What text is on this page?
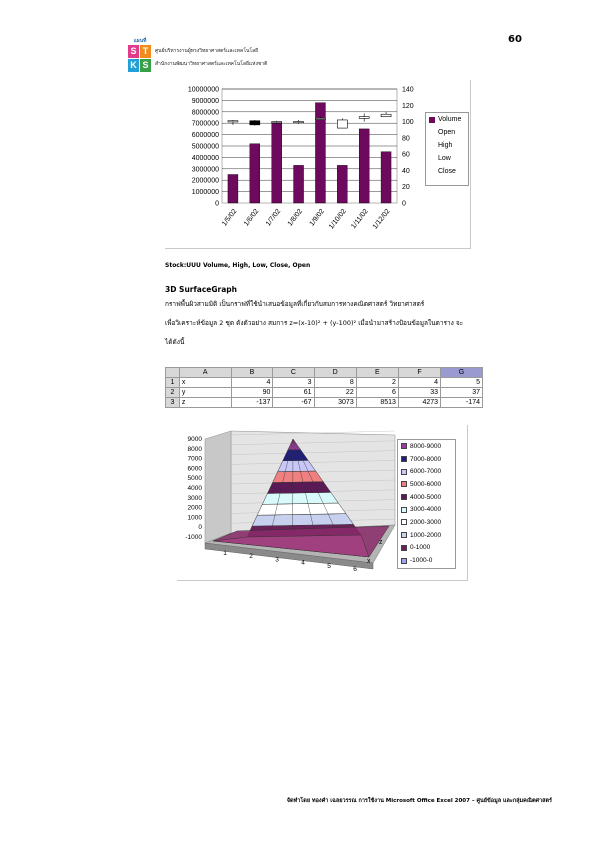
60
แผนที่
S T
K S
ศูนย์บริหารงานผู้ทรงวิทยาศาสตร์และเทคโนโลยี
สำนักงานพัฒนาวิทยาศาสตร์และเทคโนโลยีแห่งชาติ
10000000
9000000
8000000
7000000
6000000
5000000
4000000
3000000
2000000
1000000
0
140
120
100
80
60
40
20
0
1/5/02 1/6/02 1/7/02 1/8/02 1/9/02 1/10/02 1/11/02 1/12/02
Volume
Open
High
Low
Close
Stock:UUU Volume, High, Low, Close, Open
3D SurfaceGraph
กราฟพื้นผิวสามมิติ เป็นกราฟที่ใช้นำเสนอข้อมูลที่เกี่ยวกับสมการทางคณิตศาสตร์ วิทยาศาสตร์
เพื่อวิเคราะห์ข้อมูล 2 ชุด ดังตัวอย่าง สมการ z=(x-10)² + (y-100)² เมื่อนำมาสร้างป้อนข้อมูลในตาราง จะ
ได้ดังนี้
	A	B	C	D	E	F	G
1	x	4	3	8	2	4	5
2	y	90	61	22	6	33	37
3	z	-137	-67	3073	8513	4273	-174
9000
8000
7000
6000
5000
4000
3000
2000
1000
0
-1000
1	2	3	4	5	6
z
x
8000-9000
7000-8000
6000-7000
5000-6000
4000-5000
3000-4000
2000-3000
1000-2000
0-1000
-1000-0
จัดทำโดย ทองคำ เฉลยวรรณ การใช้งาน Microsoft Office Excel 2007 – ศูนย์ข้อมูล และกลุ่มคณิตศาสตร์
